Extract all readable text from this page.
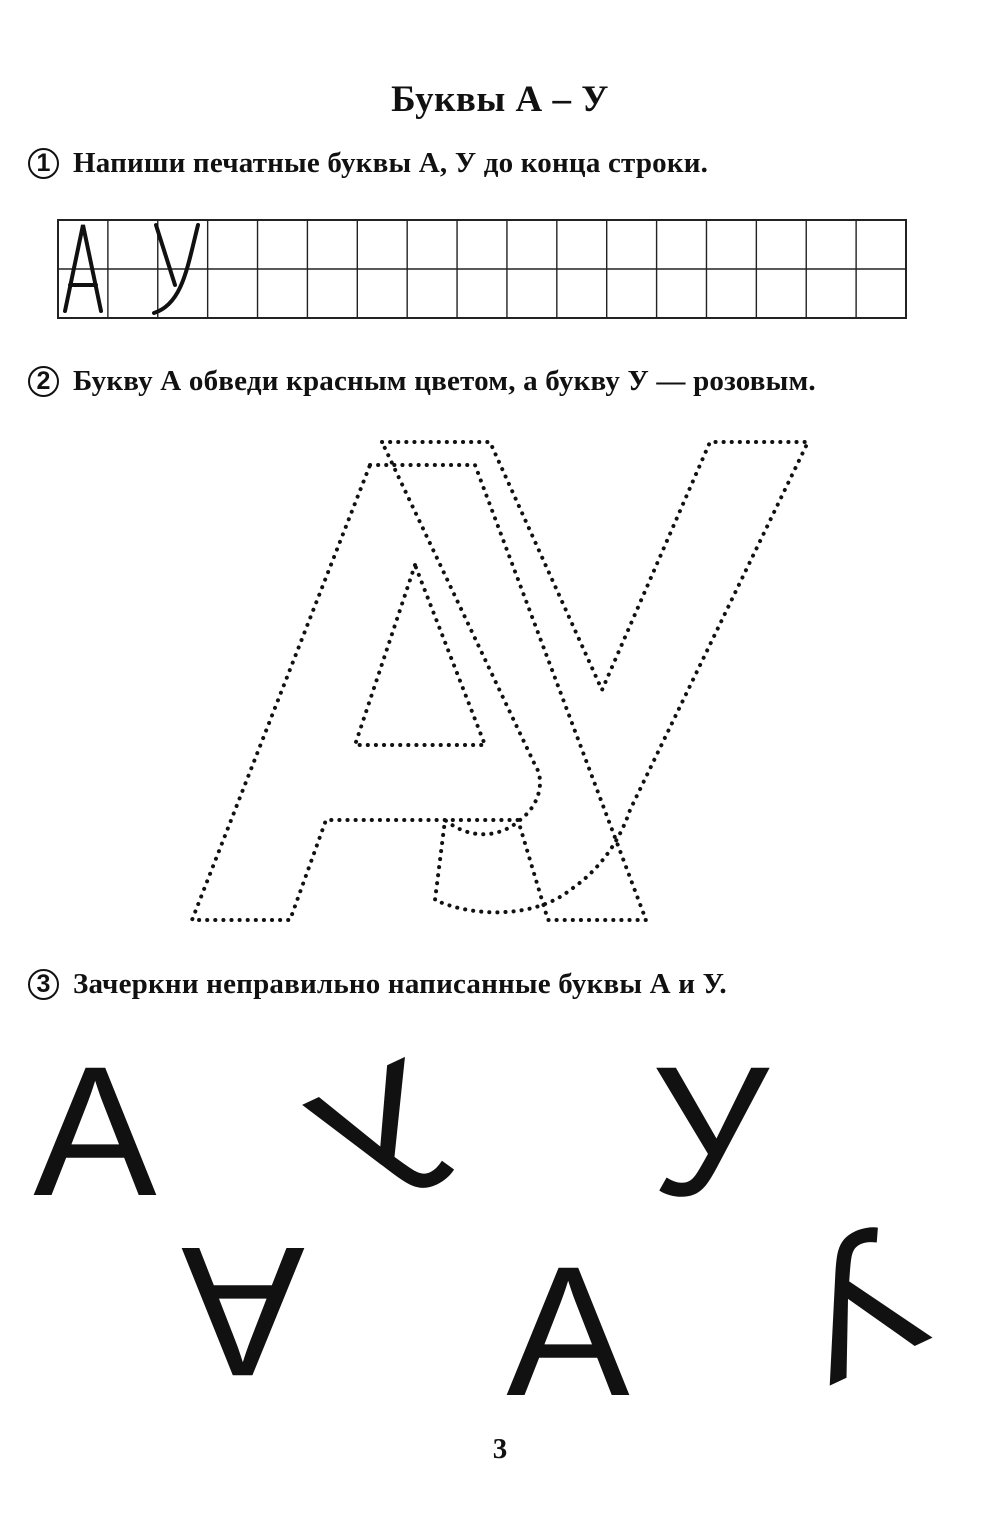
Буквы А – У
1 Напиши печатные буквы А, У до конца строки.
2 Букву А обведи красным цветом, а букву У — розовым.
3 Зачеркни неправильно написанные буквы А и У.
А У У
А А У
3
